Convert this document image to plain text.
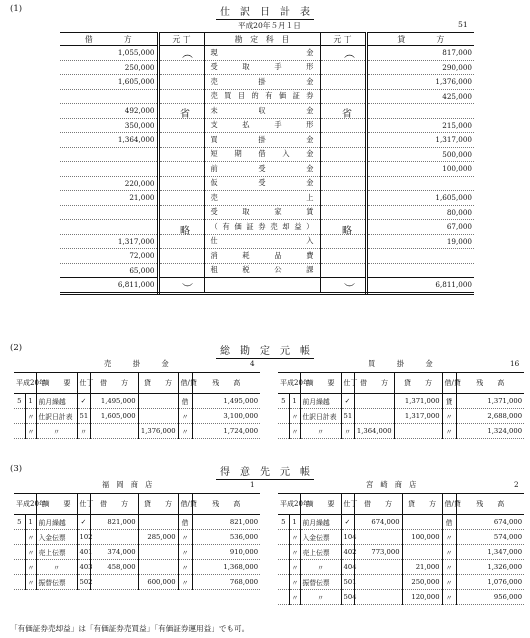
(1)	仕　訳　日　計　表
平成20年５月１日	51
借　　　　方	元 丁	勘　定　科　目	元 丁	貸　　　　方
1,055,000		現　　　　　　　　金		817,000
250,000		受　取　手　形		290,000
1,605,000		売　　掛　　金		1,376,000
		売買目的有価証券		425,000
492,000		未　　収　　金		
350,000		支　払　手　形		215,000
1,364,000		買　　掛　　金		1,317,000
		短　期　借　入　金		500,000
		前　　受　　金		100,000
220,000		仮　　受　　金		
21,000		売　　　　　　　　上		1,605,000
		受　取　家　賃		80,000
		（有価証券売却益）		67,000
1,317,000		仕　　　　　　　　入		19,000
72,000		消　耗　品　費		
65,000		租　税　公　課		
6,811,000				6,811,000
︵
省
略
︶
︵
省
略
︶
(2)	総　勘　定　元　帳
売　　　掛　　　金	4
平成20年		摘　　要	仕丁	借　　方	貸　　方	借/貸	残　　高
5	1	前月繰越	✓	1,495,000		借	1,495,000
	〃	仕訳日計表	51	1,605,000		〃	3,100,000
	〃	〃	〃		1,376,000	〃	1,724,000
買　　　掛　　　金	16
平成20年		摘　　要	仕丁	借　　方	貸　　方	借/貸	残　　高
5	1	前月繰越	✓		1,371,000	貸	1,371,000
	〃	仕訳日計表	51		1,317,000	〃	2,688,000
	〃	〃	〃	1,364,000		〃	1,324,000
(3)	得　意　先　元　帳
福　岡　商　店	1
平成20年		摘　　要	仕丁	借　　方	貸　　方	借/貸	残　　高
5	1	前月繰越	✓	821,000		借	821,000
	〃	入金伝票	102		285,000	〃	536,000
	〃	売上伝票	401	374,000		〃	910,000
	〃	〃	403	458,000		〃	1,368,000
	〃	振替伝票	502		600,000	〃	768,000
宮　崎　商　店	2
平成20年		摘　　要	仕丁	借　　方	貸　　方	借/貸	残　　高
5	1	前月繰越	✓	674,000		借	674,000
	〃	入金伝票	104		100,000	〃	574,000
	〃	売上伝票	402	773,000		〃	1,347,000
	〃	〃	404		21,000	〃	1,326,000
	〃	振替伝票	501		250,000	〃	1,076,000
	〃	〃	504		120,000	〃	956,000
「有価証券売却益」は「有価証券売買益」「有価証券運用益」でも可。
